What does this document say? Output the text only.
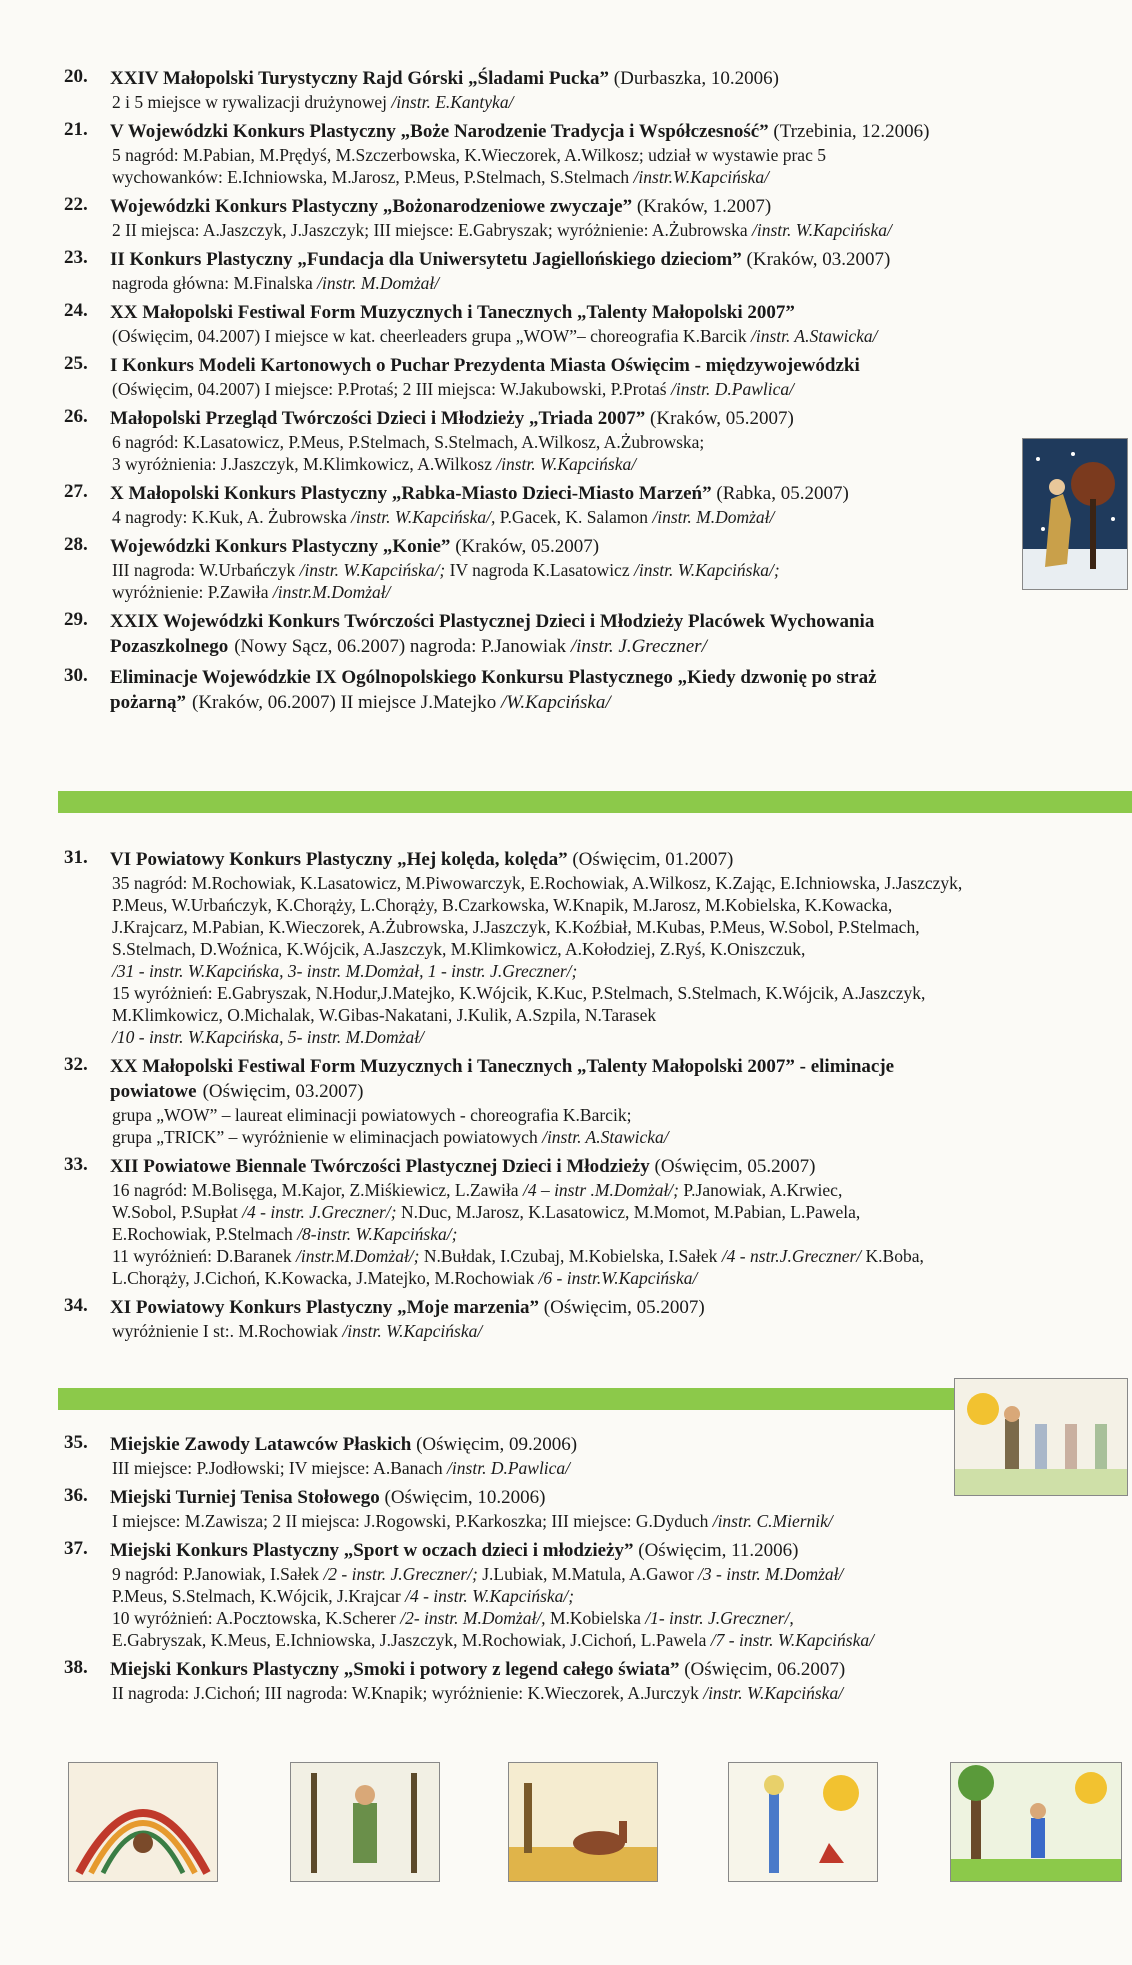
20. XXIV Małopolski Turystyczny Rajd Górski „Śladami Pucka” (Durbaszka, 10.2006)
2 i 5 miejsce w rywalizacji drużynowej /instr. E.Kantyka/
21. V Wojewódzki Konkurs Plastyczny „Boże Narodzenie Tradycja i Współczesność” (Trzebinia, 12.2006)
5 nagród: M.Pabian, M.Prędyś, M.Szczerbowska, K.Wieczorek, A.Wilkosz; udział w wystawie prac 5
wychowanków: E.Ichniowska, M.Jarosz, P.Meus, P.Stelmach, S.Stelmach /instr.W.Kapcińska/
22. Wojewódzki Konkurs Plastyczny „Bożonarodzeniowe zwyczaje” (Kraków, 1.2007)
2 II miejsca: A.Jaszczyk, J.Jaszczyk; III miejsce: E.Gabryszak; wyróżnienie: A.Żubrowska /instr. W.Kapcińska/
23. II Konkurs Plastyczny „Fundacja dla Uniwersytetu Jagiellońskiego dzieciom” (Kraków, 03.2007)
nagroda główna: M.Finalska /instr. M.Domżał/
24. XX Małopolski Festiwal Form Muzycznych i Tanecznych „Talenty Małopolski 2007”
(Oświęcim, 04.2007) I miejsce w kat. cheerleaders grupa „WOW”– choreografia K.Barcik /instr. A.Stawicka/
25. I Konkurs Modeli Kartonowych o Puchar Prezydenta Miasta Oświęcim - międzywojewódzki
(Oświęcim, 04.2007) I miejsce: P.Protaś; 2 III miejsca: W.Jakubowski, P.Protaś /instr. D.Pawlica/
26. Małopolski Przegląd Twórczości Dzieci i Młodzieży „Triada 2007” (Kraków, 05.2007)
6 nagród: K.Lasatowicz, P.Meus, P.Stelmach, S.Stelmach, A.Wilkosz, A.Żubrowska;
3 wyróżnienia: J.Jaszczyk, M.Klimkowicz, A.Wilkosz /instr. W.Kapcińska/
27. X Małopolski Konkurs Plastyczny „Rabka-Miasto Dzieci-Miasto Marzeń” (Rabka, 05.2007)
4 nagrody: K.Kuk, A. Żubrowska /instr. W.Kapcińska/, P.Gacek, K. Salamon /instr. M.Domżał/
28. Wojewódzki Konkurs Plastyczny „Konie” (Kraków, 05.2007)
III nagroda: W.Urbańczyk /instr. W.Kapcińska/; IV nagroda K.Lasatowicz /instr. W.Kapcińska/;
wyróżnienie: P.Zawiła /instr.M.Domżał/
29. XXIX Wojewódzki Konkurs Twórczości Plastycznej Dzieci i Młodzieży Placówek Wychowania
Pozaszkolnego (Nowy Sącz, 06.2007) nagroda: P.Janowiak /instr. J.Greczner/
30. Eliminacje Wojewódzkie IX Ogólnopolskiego Konkursu Plastycznego „Kiedy dzwonię po straż
pożarną” (Kraków, 06.2007) II miejsce J.Matejko /W.Kapcińska/
31. VI Powiatowy Konkurs Plastyczny „Hej kolęda, kolęda” (Oświęcim, 01.2007)
35 nagród: M.Rochowiak, K.Lasatowicz, M.Piwowarczyk, E.Rochowiak, A.Wilkosz, K.Zając, E.Ichniowska, J.Jaszczyk,
P.Meus, W.Urbańczyk, K.Chorąży, L.Chorąży, B.Czarkowska, W.Knapik, M.Jarosz, M.Kobielska, K.Kowacka,
J.Krajcarz, M.Pabian, K.Wieczorek, A.Żubrowska, J.Jaszczyk, K.Koźbiał, M.Kubas, P.Meus, W.Sobol, P.Stelmach,
S.Stelmach, D.Woźnica, K.Wójcik, A.Jaszczyk, M.Klimkowicz, A.Kołodziej, Z.Ryś, K.Oniszczuk,
/31 - instr. W.Kapcińska, 3- instr. M.Domżał, 1 - instr. J.Greczner/;
15 wyróżnień: E.Gabryszak, N.Hodur,J.Matejko, K.Wójcik, K.Kuc, P.Stelmach, S.Stelmach, K.Wójcik, A.Jaszczyk,
M.Klimkowicz, O.Michalak, W.Gibas-Nakatani, J.Kulik, A.Szpila, N.Tarasek
/10 - instr. W.Kapcińska, 5- instr. M.Domżał/
32. XX Małopolski Festiwal Form Muzycznych i Tanecznych „Talenty Małopolski 2007” - eliminacje
powiatowe (Oświęcim, 03.2007)
grupa „WOW” – laureat eliminacji powiatowych - choreografia K.Barcik;
grupa „TRICK” – wyróżnienie w eliminacjach powiatowych /instr. A.Stawicka/
33. XII Powiatowe Biennale Twórczości Plastycznej Dzieci i Młodzieży (Oświęcim, 05.2007)
16 nagród: M.Bolisęga, M.Kajor, Z.Miśkiewicz, L.Zawiła /4 – instr .M.Domżał/; P.Janowiak, A.Krwiec,
W.Sobol, P.Supłat /4 - instr. J.Greczner/; N.Duc, M.Jarosz, K.Lasatowicz, M.Momot, M.Pabian, L.Pawela,
E.Rochowiak, P.Stelmach /8-instr. W.Kapcińska/;
11 wyróżnień: D.Baranek /instr.M.Domżał/; N.Bułdak, I.Czubaj, M.Kobielska, I.Sałek /4 - nstr.J.Greczner/ K.Boba,
L.Chorąży, J.Cichoń, K.Kowacka, J.Matejko, M.Rochowiak /6 - instr.W.Kapcińska/
34. XI Powiatowy Konkurs Plastyczny „Moje marzenia” (Oświęcim, 05.2007)
wyróżnienie I st:. M.Rochowiak /instr. W.Kapcińska/
35. Miejskie Zawody Latawców Płaskich (Oświęcim, 09.2006)
III miejsce: P.Jodłowski; IV miejsce: A.Banach /instr. D.Pawlica/
36. Miejski Turniej Tenisa Stołowego (Oświęcim, 10.2006)
I miejsce: M.Zawisza; 2 II miejsca: J.Rogowski, P.Karkoszka; III miejsce: G.Dyduch /instr. C.Miernik/
37. Miejski Konkurs Plastyczny „Sport w oczach dzieci i młodzieży” (Oświęcim, 11.2006)
9 nagród: P.Janowiak, I.Sałek /2 - instr. J.Greczner/; J.Lubiak, M.Matula, A.Gawor /3 - instr. M.Domżał/
P.Meus, S.Stelmach, K.Wójcik, J.Krajcar /4 - instr. W.Kapcińska/;
10 wyróżnień: A.Pocztowska, K.Scherer /2- instr. M.Domżał/, M.Kobielska /1- instr. J.Greczner/,
E.Gabryszak, K.Meus, E.Ichniowska, J.Jaszczyk, M.Rochowiak, J.Cichoń, L.Pawela /7 - instr. W.Kapcińska/
38. Miejski Konkurs Plastyczny „Smoki i potwory z legend całego świata” (Oświęcim, 06.2007)
II nagroda: J.Cichoń; III nagroda: W.Knapik; wyróżnienie: K.Wieczorek, A.Jurczyk /instr. W.Kapcińska/
